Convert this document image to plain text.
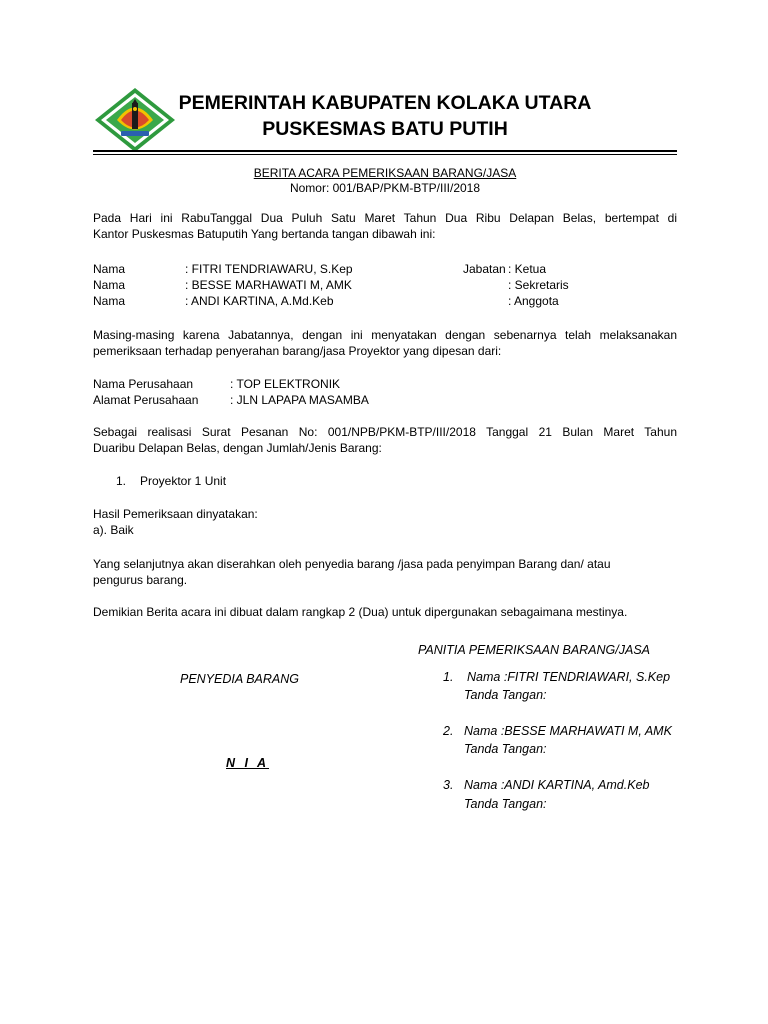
PEMERINTAH KABUPATEN KOLAKA UTARA
PUSKESMAS BATU PUTIH
BERITA ACARA PEMERIKSAAN BARANG/JASA
Nomor: 001/BAP/PKM-BTP/III/2018
Pada Hari ini RabuTanggal Dua Puluh Satu Maret Tahun Dua Ribu Delapan Belas, bertempat di
Kantor Puskesmas Batuputih Yang bertanda tangan dibawah ini:
Nama	: FITRI TENDRIAWARU, S.Kep	Jabatan : Ketua
Nama	: BESSE MARHAWATI M, AMK	: Sekretaris
Nama	: ANDI KARTINA, A.Md.Keb	: Anggota
Masing-masing karena Jabatannya, dengan ini menyatakan dengan sebenarnya telah melaksanakan
pemeriksaan terhadap penyerahan barang/jasa Proyektor yang dipesan dari:
Nama Perusahaan	: TOP ELEKTRONIK
Alamat Perusahaan	: JLN LAPAPA MASAMBA
Sebagai realisasi Surat Pesanan No: 001/NPB/PKM-BTP/III/2018 Tanggal 21 Bulan Maret Tahun
Duaribu Delapan Belas, dengan Jumlah/Jenis Barang:
1. Proyektor 1 Unit
Hasil Pemeriksaan dinyatakan:
a). Baik
Yang selanjutnya akan diserahkan oleh penyedia barang /jasa pada penyimpan Barang dan/ atau
pengurus barang.
Demikian Berita acara ini dibuat dalam rangkap 2 (Dua) untuk dipergunakan sebagaimana mestinya.
PANITIA PEMERIKSAAN BARANG/JASA
PENYEDIA BARANG
N I A
1. Nama :FITRI TENDRIAWARI, S.Kep
Tanda Tangan:
2. Nama :BESSE MARHAWATI M, AMK
Tanda Tangan:
3. Nama :ANDI KARTINA, Amd.Keb
Tanda Tangan:
